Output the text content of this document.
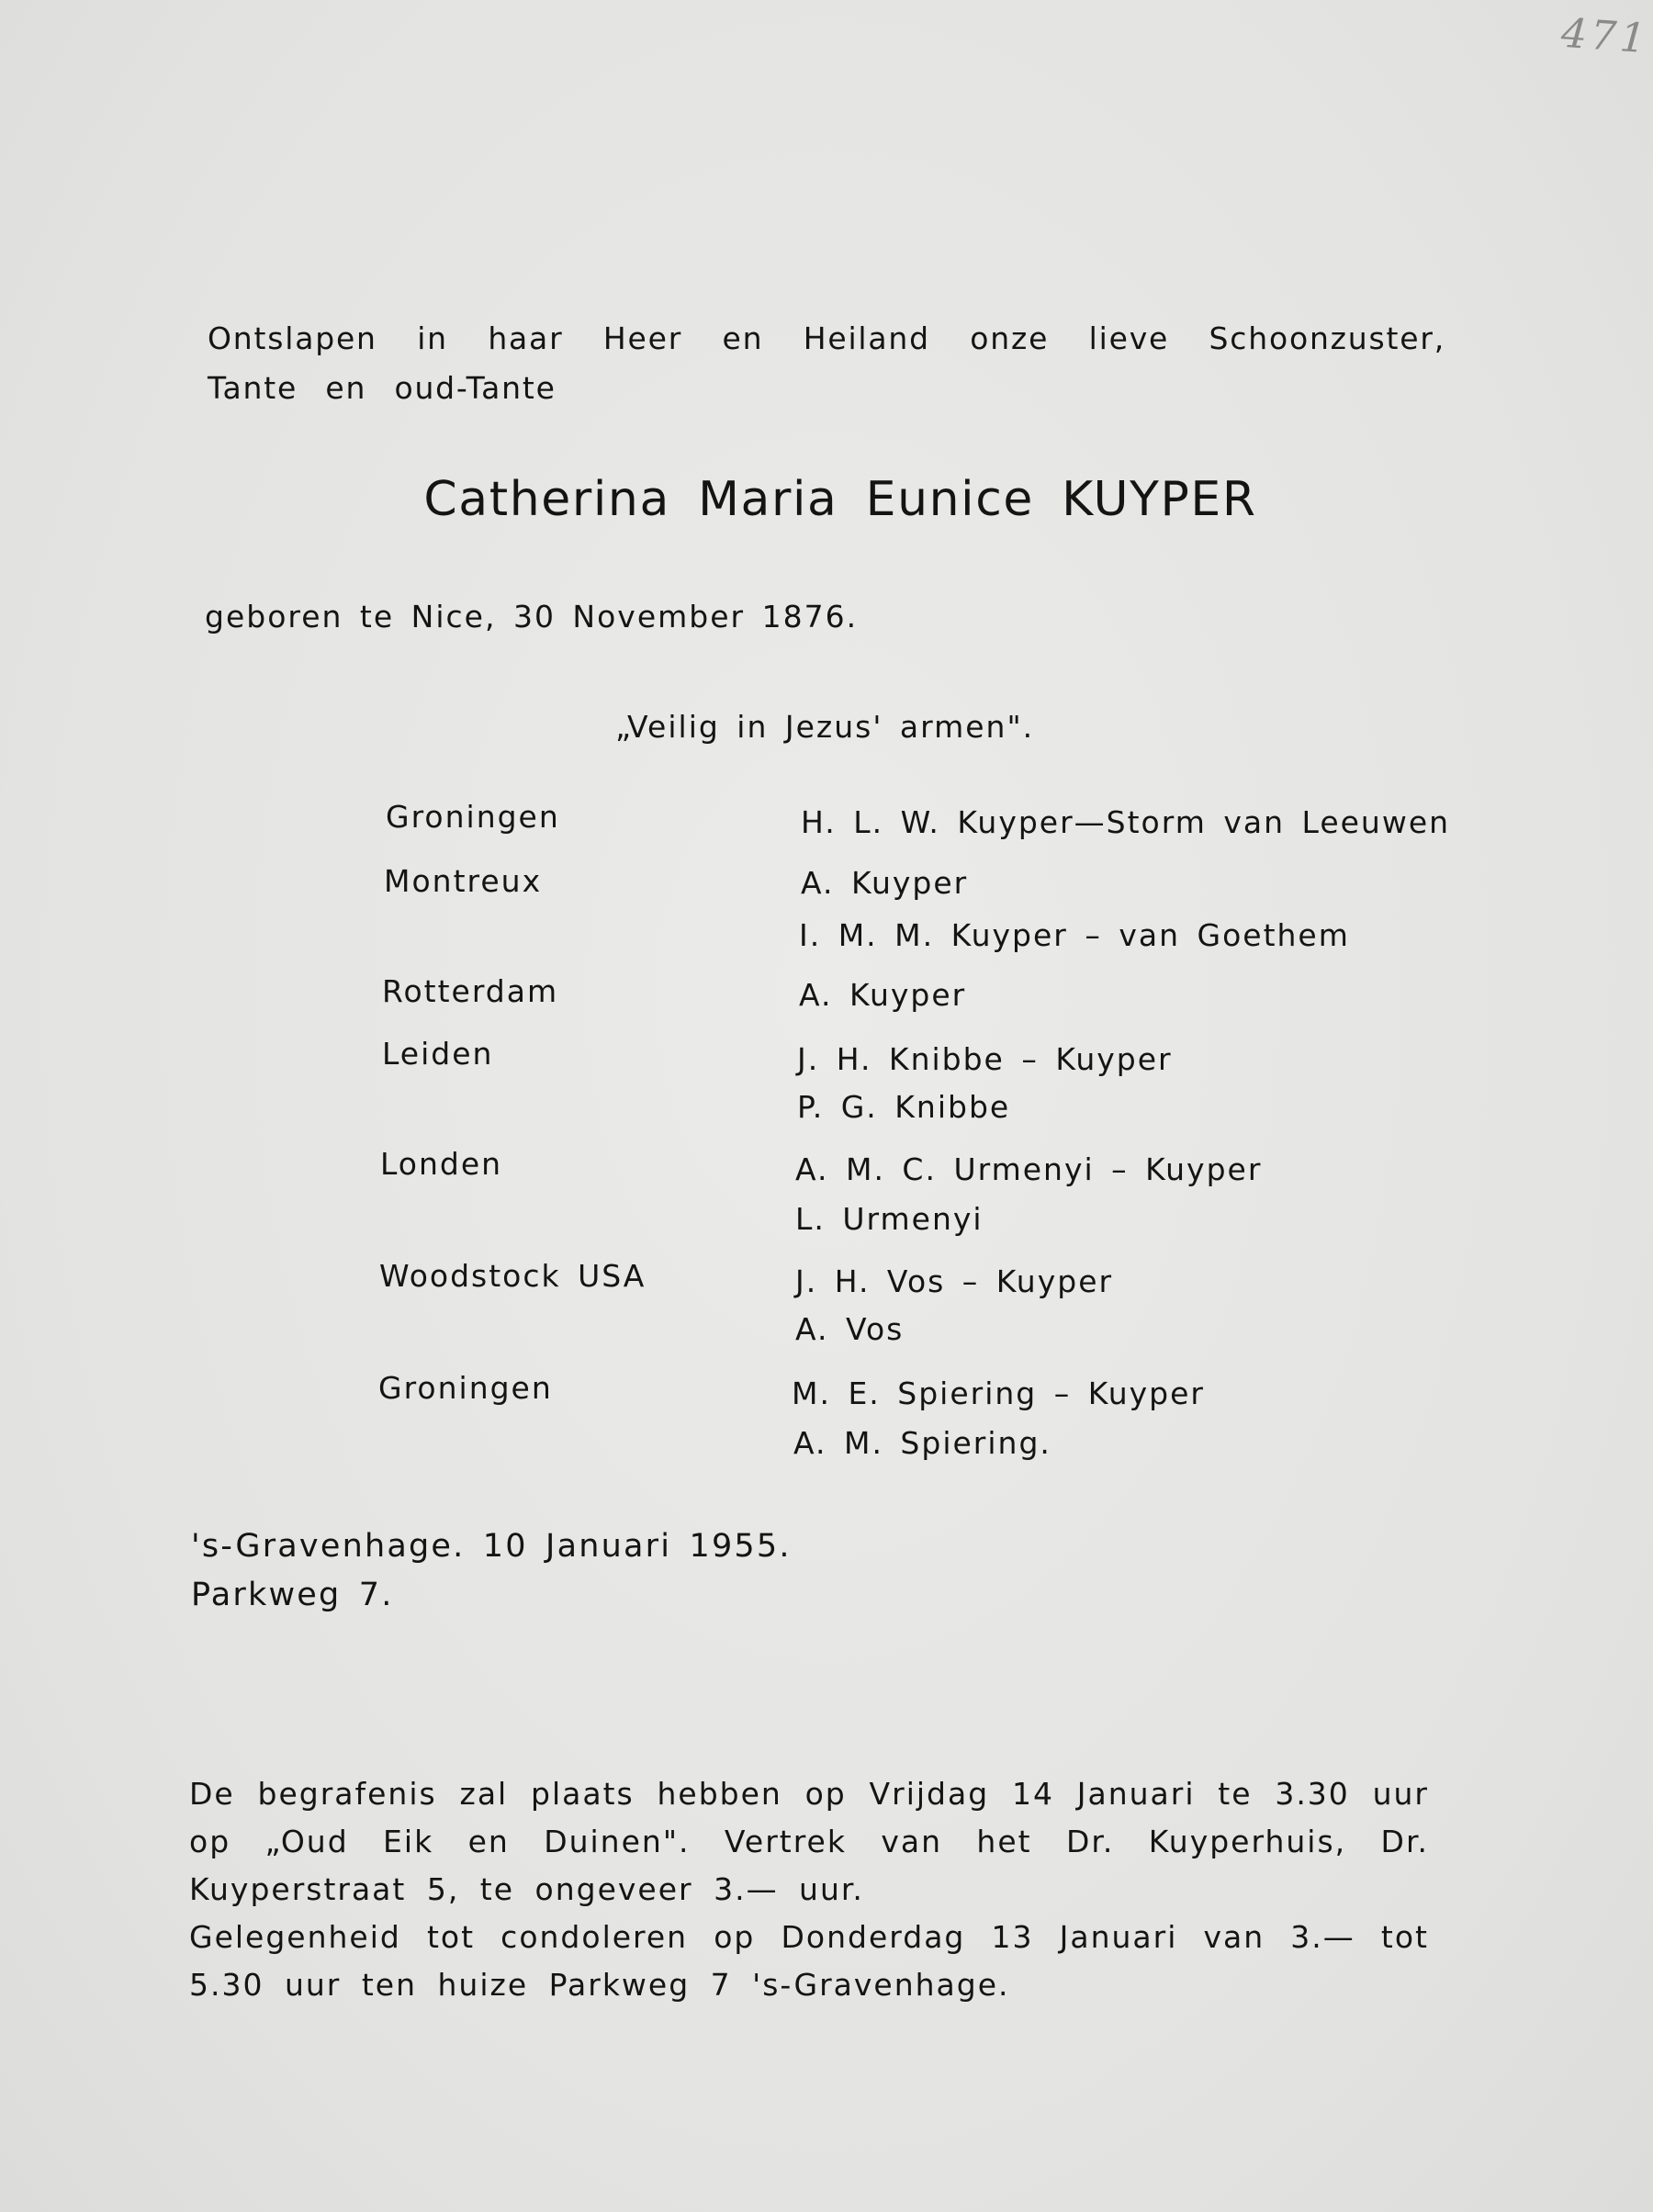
471
Ontslapen in haar Heer en Heiland onze lieve Schoonzuster, Tante en oud-Tante
Catherina Maria Eunice KUYPER
geboren te Nice, 30 November 1876.
„Veilig in Jezus' armen".
Groningen	H. L. W. Kuyper—Storm van Leeuwen
Montreux	A. Kuyper
I. M. M. Kuyper – van Goethem
Rotterdam	A. Kuyper
Leiden	J. H. Knibbe – Kuyper
P. G. Knibbe
Londen	A. M. C. Urmenyi – Kuyper
L. Urmenyi
Woodstock USA	J. H. Vos – Kuyper
A. Vos
Groningen	M. E. Spiering – Kuyper
A. M. Spiering.
's-Gravenhage. 10 Januari 1955.
Parkweg 7.

De begrafenis zal plaats hebben op Vrijdag 14 Januari te 3.30 uur op „Oud Eik en Duinen". Vertrek van het Dr. Kuyperhuis, Dr. Kuyperstraat 5, te ongeveer 3.— uur.

Gelegenheid tot condoleren op Donderdag 13 Januari van 3.— tot 5.30 uur ten huize Parkweg 7 's-Gravenhage.
